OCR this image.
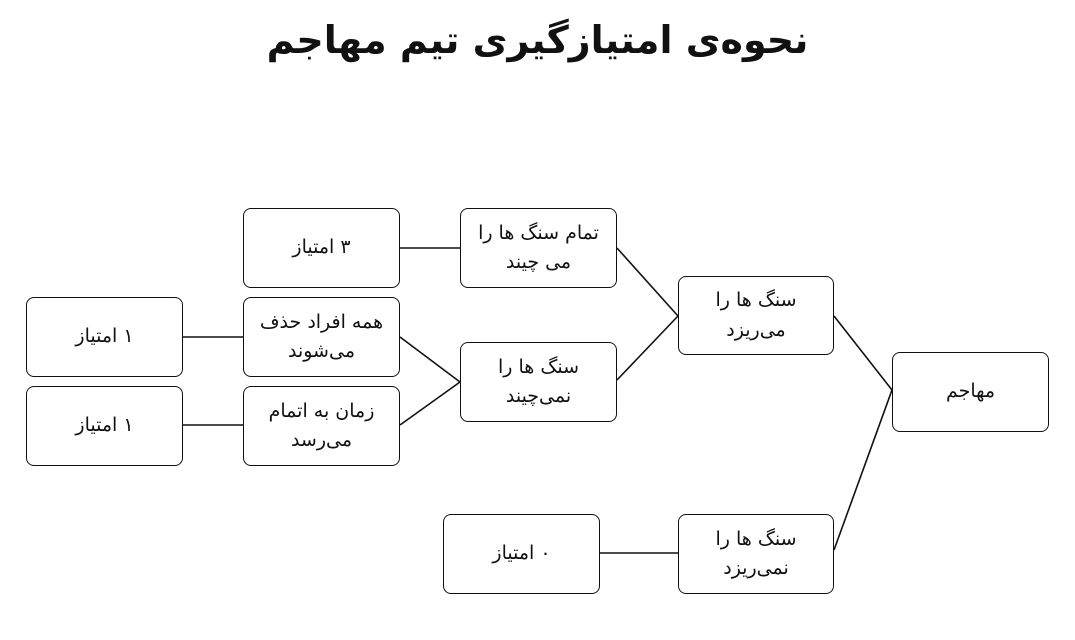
نحوه‌ی امتیازگیری تیم مهاجم
مهاجم
سنگ ها را
می‌ریزد
سنگ ها را
نمی‌ریزد
تمام سنگ ها را
می چیند
سنگ ها را
نمی‌چیند
همه افراد حذف
می‌شوند
زمان به اتمام
می‌رسد
۳ امتیاز
۱ امتیاز
۱ امتیاز
۰ امتیاز
